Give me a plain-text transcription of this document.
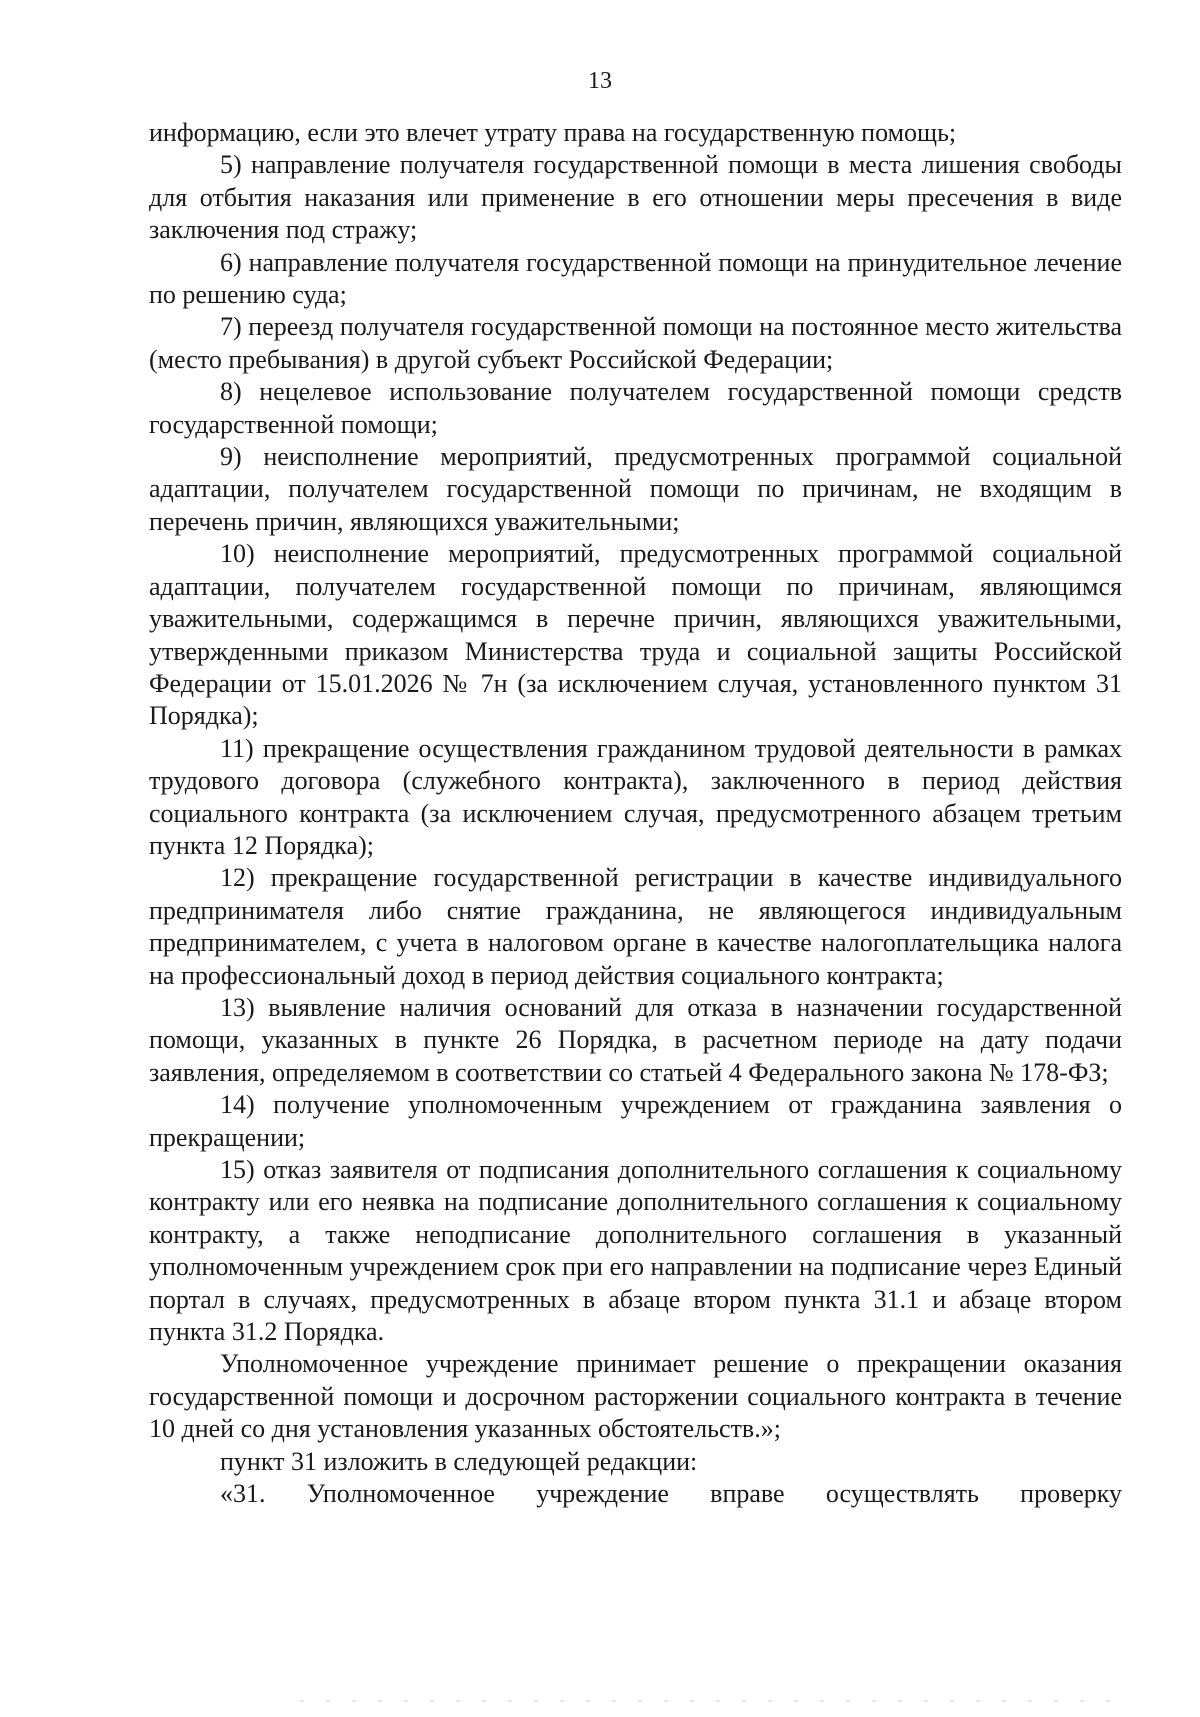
13

информацию, если это влечет утрату права на государственную помощь;

5) направление получателя государственной помощи в места лишения свободы для отбытия наказания или применение в его отношении меры пресечения в виде заключения под стражу;

6) направление получателя государственной помощи на принудительное лечение по решению суда;

7) переезд получателя государственной помощи на постоянное место жительства (место пребывания) в другой субъект Российской Федерации;

8) нецелевое использование получателем государственной помощи средств государственной помощи;

9) неисполнение мероприятий, предусмотренных программой социальной адаптации, получателем государственной помощи по причинам, не входящим в перечень причин, являющихся уважительными;

10) неисполнение мероприятий, предусмотренных программой социальной адаптации, получателем государственной помощи по причинам, являющимся уважительными, содержащимся в перечне причин, являющихся уважительными, утвержденными приказом Министерства труда и социальной защиты Российской Федерации от 15.01.2026 № 7н (за исключением случая, установленного пунктом 31 Порядка);

11) прекращение осуществления гражданином трудовой деятельности в рамках трудового договора (служебного контракта), заключенного в период действия социального контракта (за исключением случая, предусмотренного абзацем третьим пункта 12 Порядка);

12) прекращение государственной регистрации в качестве индивидуального предпринимателя либо снятие гражданина, не являющегося индивидуальным предпринимателем, с учета в налоговом органе в качестве налогоплательщика налога на профессиональный доход в период действия социального контракта;

13) выявление наличия оснований для отказа в назначении государственной помощи, указанных в пункте 26 Порядка, в расчетном периоде на дату подачи заявления, определяемом в соответствии со статьей 4 Федерального закона № 178-ФЗ;

14) получение уполномоченным учреждением от гражданина заявления о прекращении;

15) отказ заявителя от подписания дополнительного соглашения к социальному контракту или его неявка на подписание дополнительного соглашения к социальному контракту, а также неподписание дополнительного соглашения в указанный уполномоченным учреждением срок при его направлении на подписание через Единый портал в случаях, предусмотренных в абзаце втором пункта 31.1 и абзаце втором пункта 31.2 Порядка.

Уполномоченное учреждение принимает решение о прекращении оказания государственной помощи и досрочном расторжении социального контракта в течение 10 дней со дня установления указанных обстоятельств.»;

пункт 31 изложить в следующей редакции:

«31. Уполномоченное учреждение вправе осуществлять проверку
